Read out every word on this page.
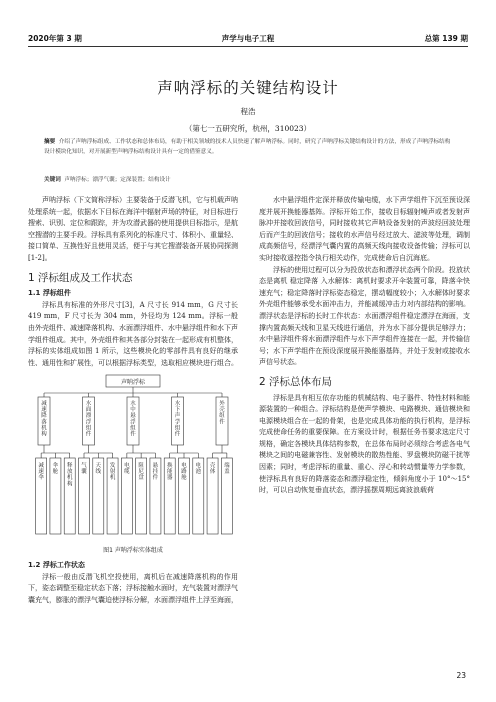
2020年第 3 期	声学与电子工程	总第 139 期
声呐浮标的关键结构设计
程浩
（第七一五研究所，杭州，310023）
摘要 介绍了声呐浮标组成、工作状态和总体布局，有助于相关领域的技术人员快速了解声呐浮标。同时，研究了声呐浮标关键结构设计的方法，形成了声呐浮标结构设计模块化知识，对开展新型声呐浮标结构设计具有一定的借鉴意义。
关键词 声呐浮标；漂浮气囊；定深装置；结构设计

声呐浮标（下文简称浮标）主要装备于反潜飞机，它与机载声呐处理系统一起，依据水下目标在海洋中辐射声场的特征，对目标进行搜索、识别、定位和跟踪，并为攻潜武器的使用提供目标指示，是航空搜潜的主要手段。浮标具有系列化的标准尺寸、体积小、重量轻、接口简单、互换性好且使用灵活，便于与其它搜潜装备开展协同探测[1-2]。

1 浮标组成及工作状态
1.1 浮标组件

浮标具有标准的外形尺寸[3]，A 尺寸长 914 mm，G 尺寸长 419 mm，F 尺寸长为 304 mm，外径均为 124 mm。浮标一般由外壳组件、减速降落机构、水面漂浮组件、水中悬浮组件和水下声学组件组成。其中，外壳组件和其各部分封装在一起形成有机整体，浮标的实体组成如图 1 所示，这些模块化的零部件具有良好的继承性、通用性和扩展性，可以根据浮标类型，选取相应模块进行组合。

声呐浮标
减速降落机构
水面漂浮组件
水中悬浮组件
水下声学组件
外壳组件
减速伞
伞舱
释放机构
气囊
天线
发射机
电缆
阻尼盘
悬挂件
换能器
电路舱
电池
壳体
端盖
图1 声呐浮标实体组成
1.2 浮标工作状态

浮标一般由反潜飞机空投使用，离机后在减速降落机构的作用下，姿态调整至稳定状态下落；浮标接触水面时，充气装置对漂浮气囊充气，膨胀的漂浮气囊迫使浮标分解，水面漂浮组件上浮至海面，

水中悬浮组件定深并释放传输电缆，水下声学组件下沉至预设深度并展开换能器基阵。浮标开始工作，接收目标辐射噪声或者发射声脉冲并接收回波信号，同时接收其它声呐设备发射的声波经回波处理后而产生的回波信号；接收的水声信号经过放大、滤波等处理，调制成高频信号，经漂浮气囊内置的高频天线向接收设备传输；浮标可以实时接收遥控指令执行相关动作，完成使命后自沉海底。

浮标的使用过程可以分为投放状态和漂浮状态两个阶段。投放状态是离机 稳定降落 入水解体：离机时要求开伞装置可靠，降落伞快速充气；稳定降落时浮标姿态稳定，摆动幅度较小；入水解体时要求外壳组件能够承受水面冲击力，并能减缓冲击力对内部结构的影响。漂浮状态是浮标的长时工作状态：水面漂浮组件稳定漂浮在海面，支撑内置高频天线和卫星天线进行通信，并为水下部分提供足够浮力；水中悬浮组件将水面漂浮组件与水下声学组件连接在一起，并传输信号；水下声学组件在预设深度展开换能器基阵，并处于发射或接收水声信号状态。

2 浮标总体布局

浮标是具有相互依存功能的机械结构、电子器件、特性材料和能源装置的一种组合。浮标结构是使声学模块、电路模块、通信模块和电源模块组合在一起的骨架，也是完成具体功能的执行机构，是浮标完成使命任务的重要保障。在方案设计时，根据任务书要求选定尺寸规格，确定各模块具体结构参数，在总体布局时必须综合考虑各电气模块之间的电磁兼容性、发射模块的散热性能、罗盘模块防磁干扰等因素；同时，考虑浮标的重量、重心、浮心和转动惯量等力学参数，使浮标具有良好的降落姿态和漂浮稳定性，倾斜角度小于 10°～15°时，可以自动恢复垂直状态，漂浮摇摆周期远离波浪载荷

23
